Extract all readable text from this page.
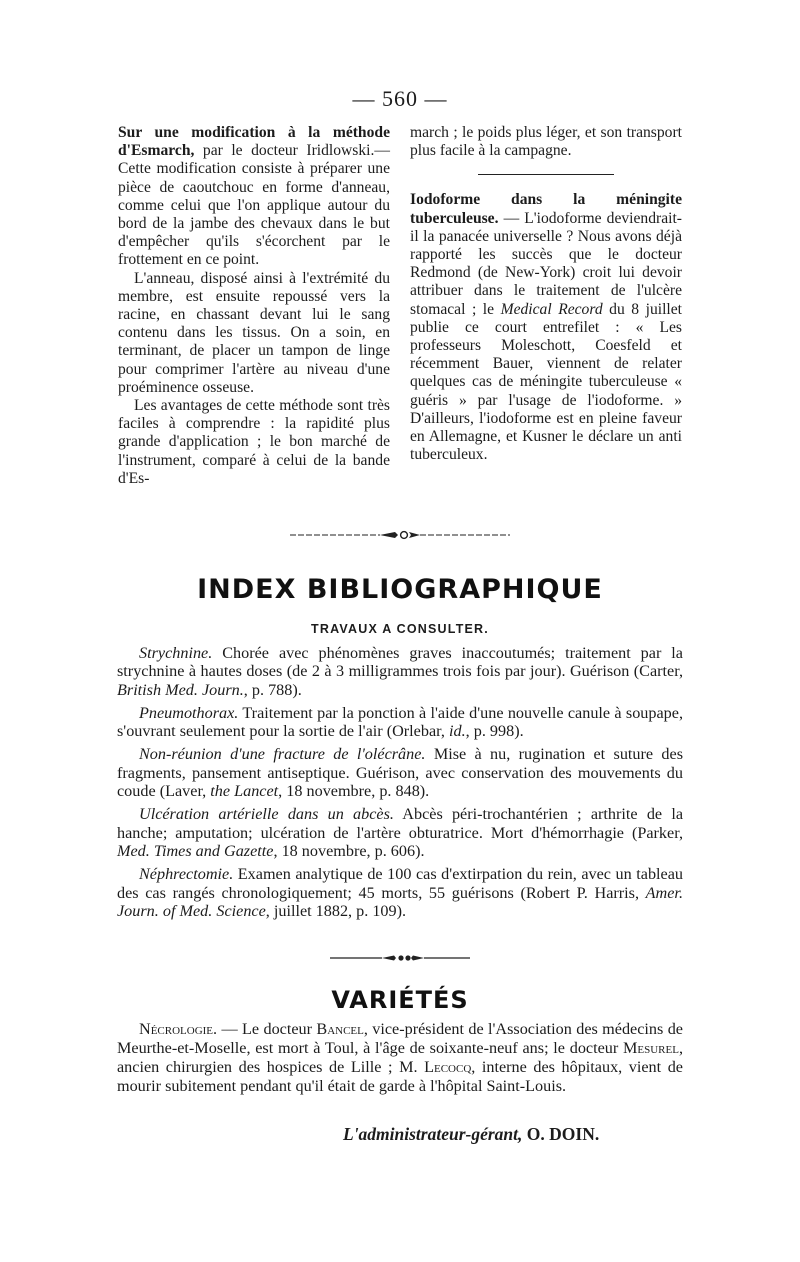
— 560 —

Sur une modification à la méthode d'Esmarch, par le docteur Iridlowski.—Cette modification consiste à préparer une pièce de caoutchouc en forme d'anneau, comme celui que l'on applique autour du bord de la jambe des chevaux dans le but d'empêcher qu'ils s'écorchent par le frottement en ce point.

L'anneau, disposé ainsi à l'extrémité du membre, est ensuite repoussé vers la racine, en chassant devant lui le sang contenu dans les tissus. On a soin, en terminant, de placer un tampon de linge pour comprimer l'artère au niveau d'une proéminence osseuse.

Les avantages de cette méthode sont très faciles à comprendre : la rapidité plus grande d'application ; le bon marché de l'instrument, comparé à celui de la bande d'Es-

march ; le poids plus léger, et son transport plus facile à la campagne.

Iodoforme dans la méningite tuberculeuse. — L'iodoforme deviendrait-il la panacée universelle ? Nous avons déjà rapporté les succès que le docteur Redmond (de New-York) croit lui devoir attribuer dans le traitement de l'ulcère stomacal ; le Medical Record du 8 juillet publie ce court entrefilet : « Les professeurs Moleschott, Coesfeld et récemment Bauer, viennent de relater quelques cas de méningite tuberculeuse « guéris » par l'usage de l'iodoforme. » D'ailleurs, l'iodoforme est en pleine faveur en Allemagne, et Kusner le déclare un anti tuberculeux.

INDEX BIBLIOGRAPHIQUE
TRAVAUX A CONSULTER.

Strychnine. Chorée avec phénomènes graves inaccoutumés; traitement par la strychnine à hautes doses (de 2 à 3 milligrammes trois fois par jour). Guérison (Carter, British Med. Journ., p. 788).

Pneumothorax. Traitement par la ponction à l'aide d'une nouvelle canule à soupape, s'ouvrant seulement pour la sortie de l'air (Orlebar, id., p. 998).

Non-réunion d'une fracture de l'olécrâne. Mise à nu, rugination et suture des fragments, pansement antiseptique. Guérison, avec conservation des mouvements du coude (Laver, the Lancet, 18 novembre, p. 848).

Ulcération artérielle dans un abcès. Abcès péri-trochantérien ; arthrite de la hanche; amputation; ulcération de l'artère obturatrice. Mort d'hémorrhagie (Parker, Med. Times and Gazette, 18 novembre, p. 606).

Néphrectomie. Examen analytique de 100 cas d'extirpation du rein, avec un tableau des cas rangés chronologiquement; 45 morts, 55 guérisons (Robert P. Harris, Amer. Journ. of Med. Science, juillet 1882, p. 109).

VARIÉTÉS

Nécrologie. — Le docteur Bancel, vice-président de l'Association des médecins de Meurthe-et-Moselle, est mort à Toul, à l'âge de soixante-neuf ans; le docteur Mesurel, ancien chirurgien des hospices de Lille ; M. Lecocq, interne des hôpitaux, vient de mourir subitement pendant qu'il était de garde à l'hôpital Saint-Louis.

L'administrateur-gérant, O. DOIN.
